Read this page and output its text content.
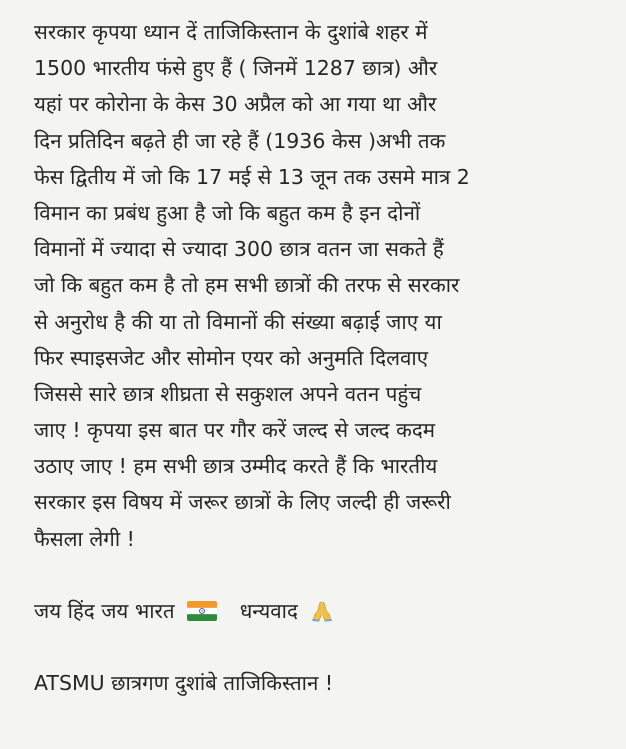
सरकार कृपया ध्यान दें ताजिकिस्तान के दुशांबे शहर में
1500 भारतीय फंसे हुए हैं ( जिनमें 1287 छात्र) और
यहां पर कोरोना के केस 30 अप्रैल को आ गया था और
दिन प्रतिदिन बढ़ते ही जा रहे हैं (1936 केस )अभी तक
फेस द्वितीय में जो कि 17 मई से 13 जून तक उसमे मात्र 2
विमान का प्रबंध हुआ है जो कि बहुत कम है इन दोनों
विमानों में ज्यादा से ज्यादा 300 छात्र वतन जा सकते हैं
जो कि बहुत कम है तो हम सभी छात्रों की तरफ से सरकार
से अनुरोध है की या तो विमानों की संख्या बढ़ाई जाए या
फिर स्पाइसजेट और सोमोन एयर को अनुमति दिलवाए
जिससे सारे छात्र शीघ्रता से सकुशल अपने वतन पहुंच
जाए ! कृपया इस बात पर गौर करें जल्द से जल्द कदम
उठाए जाए ! हम सभी छात्र उम्मीद करते हैं कि भारतीय
सरकार इस विषय में जरूर छात्रों के लिए जल्दी ही जरूरी
फैसला लेगी !
जय हिंद जय भारत	धन्यवाद
ATSMU छात्रगण दुशांबे ताजिकिस्तान !
